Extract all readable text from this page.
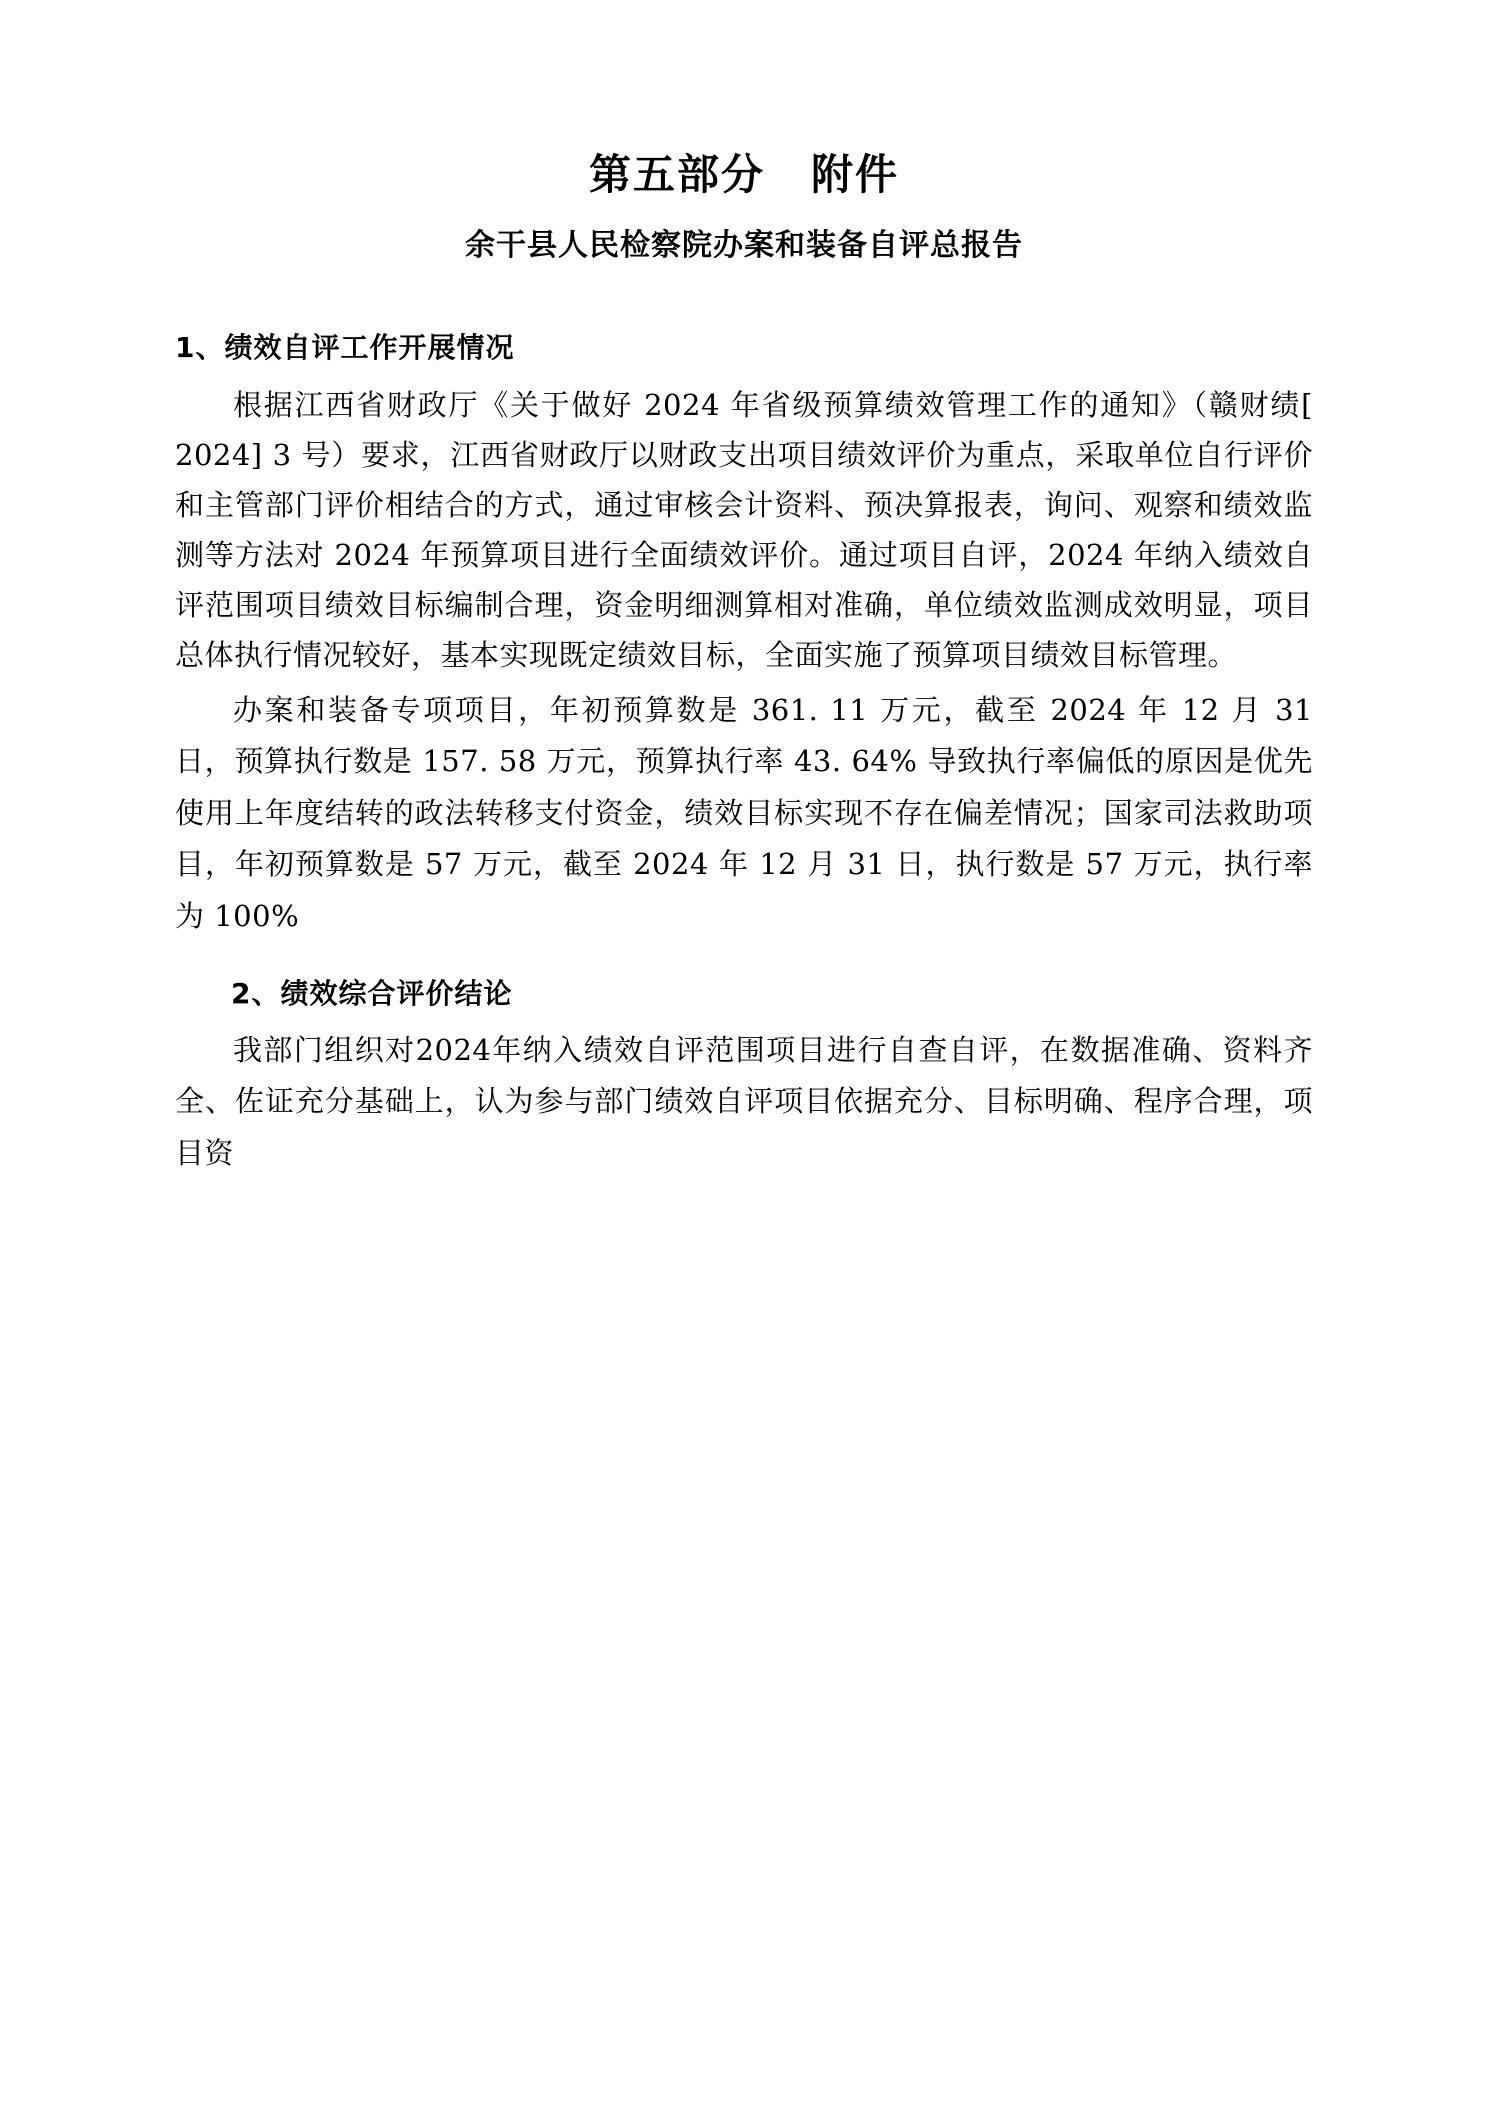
第五部分 附件
余干县人民检察院办案和装备自评总报告
1、绩效自评工作开展情况

根据江西省财政厅《关于做好 2024 年省级预算绩效管理工作的通知》（赣财绩[ 2024] 3 号）要求，江西省财政厅以财政支出项目绩效评价为重点，采取单位自行评价和主管部门评价相结合的方式，通过审核会计资料、预决算报表，询问、观察和绩效监测等方法对 2024 年预算项目进行全面绩效评价。通过项目自评，2024 年纳入绩效自评范围项目绩效目标编制合理，资金明细测算相对准确，单位绩效监测成效明显，项目总体执行情况较好，基本实现既定绩效目标，全面实施了预算项目绩效目标管理。

办案和装备专项项目，年初预算数是 361. 11 万元，截至 2024 年 12 月 31 日，预算执行数是 157. 58 万元，预算执行率 43. 64% 导致执行率偏低的原因是优先使用上年度结转的政法转移支付资金，绩效目标实现不存在偏差情况；国家司法救助项目，年初预算数是 57 万元，截至 2024 年 12 月 31 日，执行数是 57 万元，执行率为 100%

2、绩效综合评价结论

我部门组织对2024年纳入绩效自评范围项目进行自查自评，在数据准确、资料齐全、佐证充分基础上，认为参与部门绩效自评项目依据充分、目标明确、程序合理，项目资
